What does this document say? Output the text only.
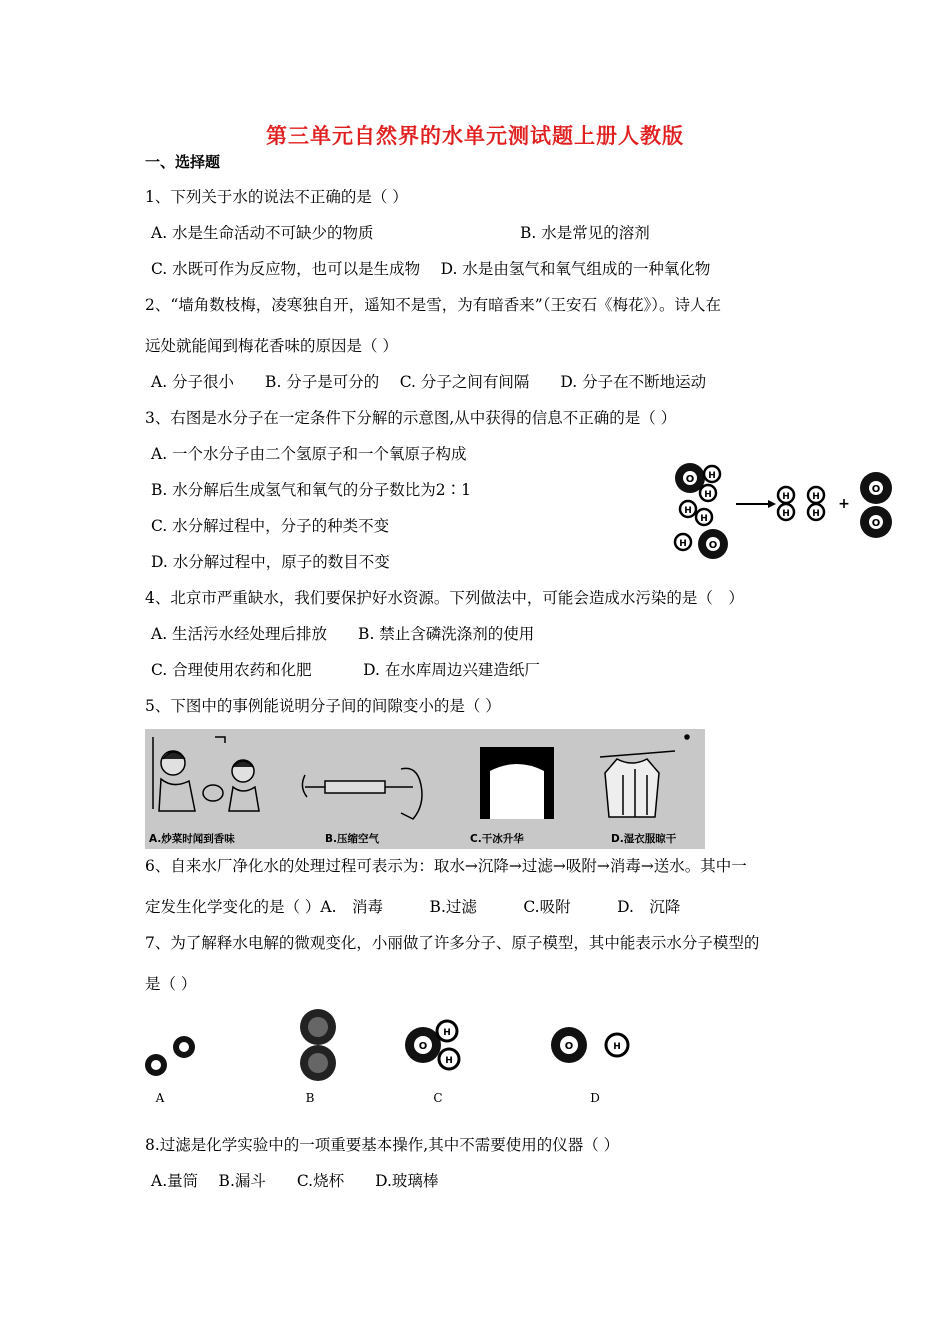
第三单元自然界的水单元测试题上册人教版
一、选择题
1、下列关于水的说法不正确的是（ ）
A. 水是生命活动不可缺少的物质	B. 水是常见的溶剂
C. 水既可作为反应物，也可以是生成物　 D. 水是由氢气和氧气组成的一种氧化物
2、“墙角数枝梅，凌寒独自开，遥知不是雪，为有暗香来”（王安石《梅花》）。诗人在
远处就能闻到梅花香味的原因是（ ）
A. 分子很小　　B. 分子是可分的　 C. 分子之间有间隔　　D. 分子在不断地运动
3、右图是水分子在一定条件下分解的示意图,从中获得的信息不正确的是（ ）
A. 一个水分子由二个氢原子和一个氧原子构成
B. 水分解后生成氢气和氧气的分子数比为2∶1
C. 水分解过程中，分子的种类不变
D. 水分解过程中，原子的数目不变
O H
H
H
H
H O
H
H
H
H
+
O
O
4、北京市严重缺水，我们要保护好水资源。下列做法中，可能会造成水污染的是（　）
A. 生活污水经处理后排放　　B. 禁止含磷洗涤剂的使用
C. 合理使用农药和化肥　　　 D. 在水库周边兴建造纸厂
5、下图中的事例能说明分子间的间隙变小的是（ ）
A.炒菜时闻到香味	B.压缩空气	C.干冰升华	D.湿衣服晾干
6、自来水厂净化水的处理过程可表示为：取水→沉降→过滤→吸附→消毒→送水。其中一
定发生化学变化的是（ ）A.　消毒　　　B.过滤　　　C.吸附　　　D.　沉降
7、为了解释水电解的微观变化，小丽做了许多分子、原子模型，其中能表示水分子模型的
是（ ）
O
H
H
O	H
A	B	C	D
8.过滤是化学实验中的一项重要基本操作,其中不需要使用的仪器（ ）
A.量筒　 B.漏斗　　C.烧杯　　D.玻璃棒
